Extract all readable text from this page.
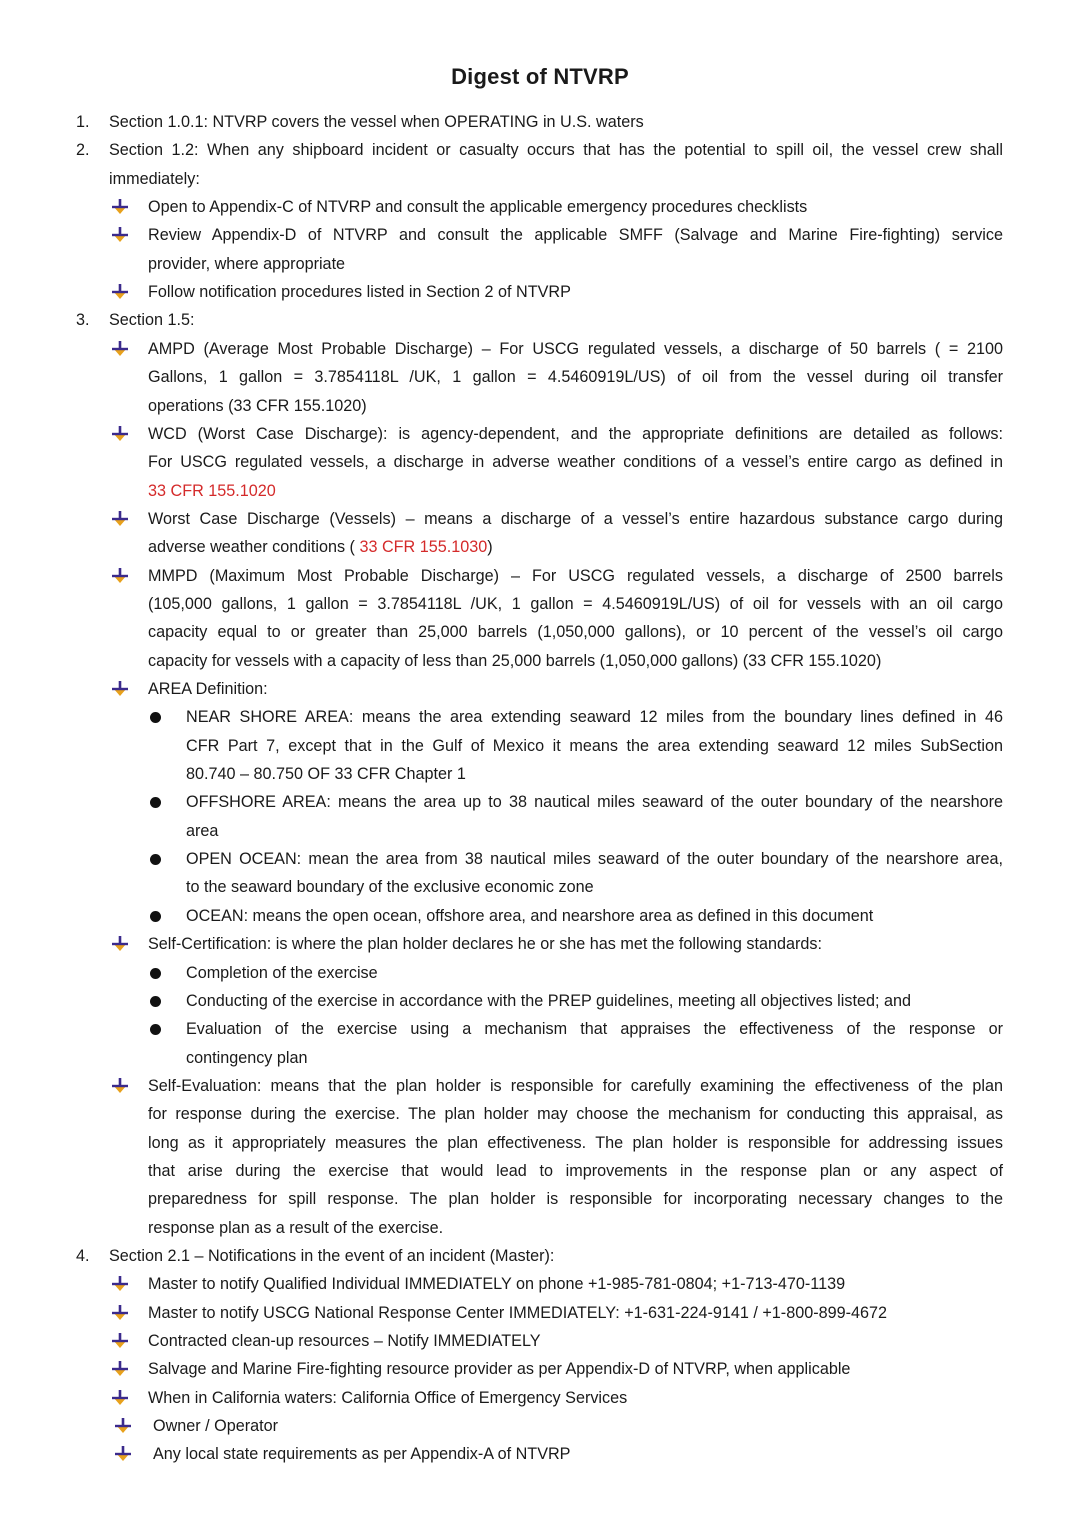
Digest of NTVRP
1. Section 1.0.1: NTVRP covers the vessel when OPERATING in U.S. waters
2. Section 1.2: When any shipboard incident or casualty occurs that has the potential to spill oil, the vessel crew shall
immediately:
Open to Appendix-C of NTVRP and consult the applicable emergency procedures checklists
Review Appendix-D of NTVRP and consult the applicable SMFF (Salvage and Marine Fire-fighting) service
provider, where appropriate
Follow notification procedures listed in Section 2 of NTVRP
3. Section 1.5:
AMPD (Average Most Probable Discharge) – For USCG regulated vessels, a discharge of 50 barrels ( = 2100
Gallons, 1 gallon = 3.7854118L /UK, 1 gallon = 4.5460919L/US) of oil from the vessel during oil transfer
operations (33 CFR 155.1020)
WCD (Worst Case Discharge): is agency-dependent, and the appropriate definitions are detailed as follows:
For USCG regulated vessels, a discharge in adverse weather conditions of a vessel’s entire cargo as defined in
33 CFR 155.1020
Worst Case Discharge (Vessels) – means a discharge of a vessel’s entire hazardous substance cargo during
adverse weather conditions ( 33 CFR 155.1030)
MMPD (Maximum Most Probable Discharge) – For USCG regulated vessels, a discharge of 2500 barrels
(105,000 gallons, 1 gallon = 3.7854118L /UK, 1 gallon = 4.5460919L/US) of oil for vessels with an oil cargo
capacity equal to or greater than 25,000 barrels (1,050,000 gallons), or 10 percent of the vessel’s oil cargo
capacity for vessels with a capacity of less than 25,000 barrels (1,050,000 gallons) (33 CFR 155.1020)
AREA Definition:
NEAR SHORE AREA: means the area extending seaward 12 miles from the boundary lines defined in 46
CFR Part 7, except that in the Gulf of Mexico it means the area extending seaward 12 miles SubSection
80.740 – 80.750 OF 33 CFR Chapter 1
OFFSHORE AREA: means the area up to 38 nautical miles seaward of the outer boundary of the nearshore
area
OPEN OCEAN: mean the area from 38 nautical miles seaward of the outer boundary of the nearshore area,
to the seaward boundary of the exclusive economic zone
OCEAN: means the open ocean, offshore area, and nearshore area as defined in this document
Self-Certification: is where the plan holder declares he or she has met the following standards:
Completion of the exercise
Conducting of the exercise in accordance with the PREP guidelines, meeting all objectives listed; and
Evaluation of the exercise using a mechanism that appraises the effectiveness of the response or
contingency plan
Self-Evaluation: means that the plan holder is responsible for carefully examining the effectiveness of the plan
for response during the exercise. The plan holder may choose the mechanism for conducting this appraisal, as
long as it appropriately measures the plan effectiveness. The plan holder is responsible for addressing issues
that arise during the exercise that would lead to improvements in the response plan or any aspect of
preparedness for spill response. The plan holder is responsible for incorporating necessary changes to the
response plan as a result of the exercise.
4. Section 2.1 – Notifications in the event of an incident (Master):
Master to notify Qualified Individual IMMEDIATELY on phone +1-985-781-0804; +1-713-470-1139
Master to notify USCG National Response Center IMMEDIATELY: +1-631-224-9141 / +1-800-899-4672
Contracted clean-up resources – Notify IMMEDIATELY
Salvage and Marine Fire-fighting resource provider as per Appendix-D of NTVRP, when applicable
When in California waters: California Office of Emergency Services
Owner / Operator
Any local state requirements as per Appendix-A of NTVRP
